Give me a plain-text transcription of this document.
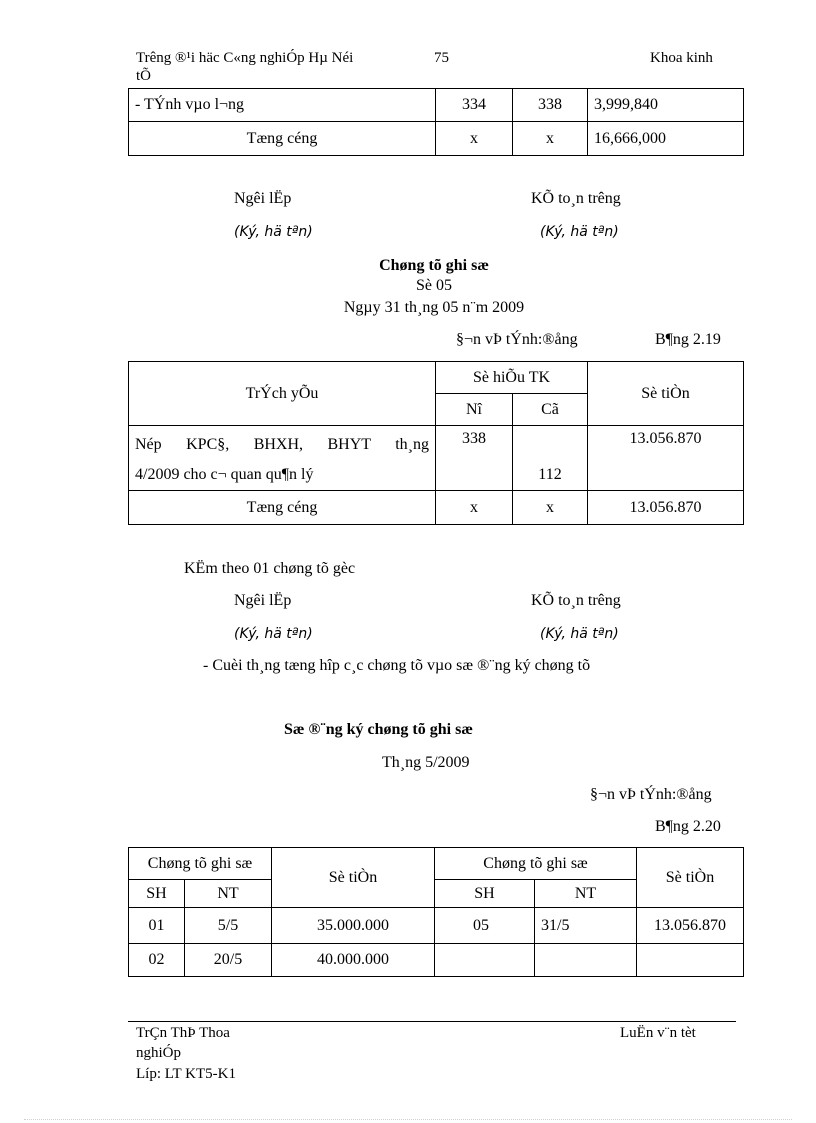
Trêng ®¹i häc C«ng nghiÓp Hµ Néi
tÕ
75	Khoa kinh
- TÝnh vµo l¬ng	334	338	3,999,840
Tæng céng	x	x	16,666,000
Ngêi lËp
(Ký, hä tªn)
KÕ to¸n trêng
(Ký, hä tªn)
Chøng tõ ghi sæ
Sè 05
Ngµy 31 th¸ng 05 n¨m 2009
§¬n vÞ tÝnh:®ång	B¶ng 2.19
TrÝch yÕu	Sè hiÕu TK		Sè tiÒn
	Nî	Cã	

Nép KPC§, BHXH, BHYT th¸ng
4/2009 cho c¬ quan qu¶n lý	338	112	13.056.870
Tæng céng	x	x	13.056.870
KËm theo 01 chøng tõ gèc
Ngêi lËp
(Ký, hä tªn)
KÕ to¸n trêng
(Ký, hä tªn)
- Cuèi th¸ng tæng hîp c¸c chøng tõ vµo sæ ®¨ng ký chøng tõ
Sæ ®¨ng ký chøng tõ ghi sæ
Th¸ng 5/2009
§¬n vÞ tÝnh:®ång
B¶ng 2.20
Chøng tõ ghi sæ		Sè tiÒn	Chøng tõ ghi sæ		Sè tiÒn
SH	NT		SH	NT	
01	5/5	35.000.000	05	31/5	13.056.870
02	20/5	40.000.000			
TrÇn ThÞ Thoa
nghiÓp
Líp: LT KT5-K1
LuËn v¨n tèt
